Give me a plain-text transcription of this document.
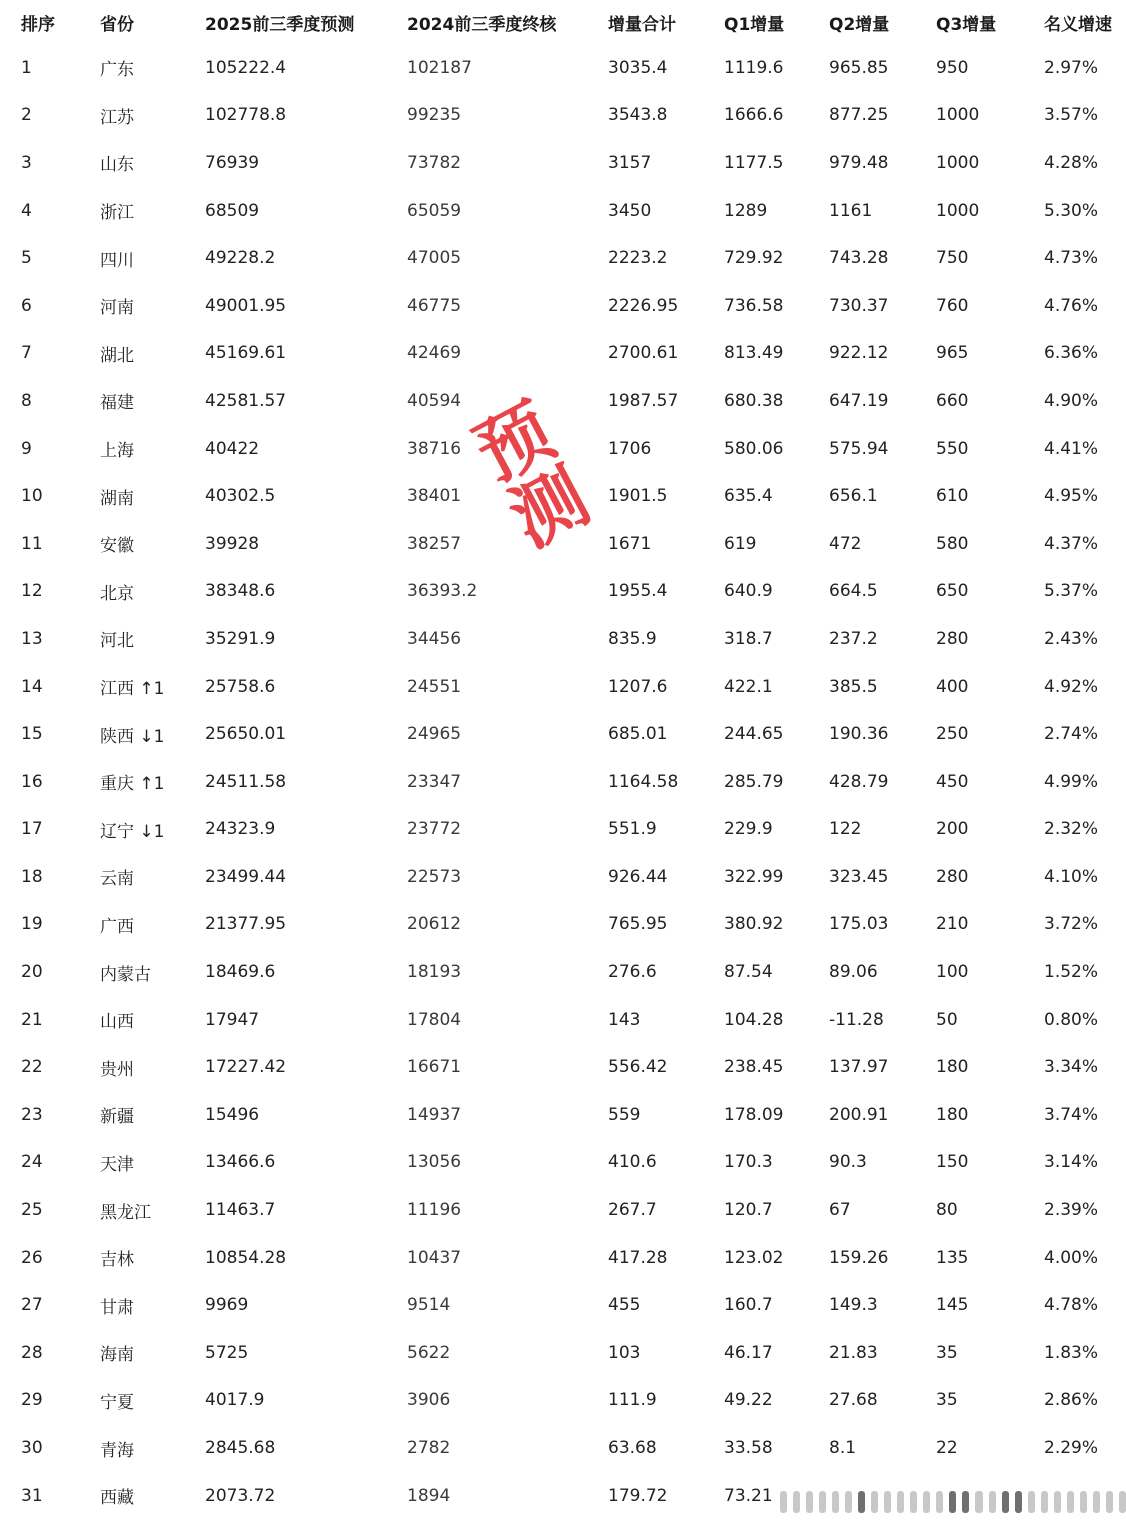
排序	省份	2025前三季度预测	2024前三季度终核	增量合计	Q1增量	Q2增量	Q3增量	名义增速
1	广东	105222.4	102187	3035.4	1119.6	965.85	950	2.97%
2	江苏	102778.8	99235	3543.8	1666.6	877.25	1000	3.57%
3	山东	76939	73782	3157	1177.5	979.48	1000	4.28%
4	浙江	68509	65059	3450	1289	1161	1000	5.30%
5	四川	49228.2	47005	2223.2	729.92	743.28	750	4.73%
6	河南	49001.95	46775	2226.95	736.58	730.37	760	4.76%
7	湖北	45169.61	42469	2700.61	813.49	922.12	965	6.36%
8	福建	42581.57	40594	1987.57	680.38	647.19	660	4.90%
9	上海	40422	38716	1706	580.06	575.94	550	4.41%
10	湖南	40302.5	38401	1901.5	635.4	656.1	610	4.95%
11	安徽	39928	38257	1671	619	472	580	4.37%
12	北京	38348.6	36393.2	1955.4	640.9	664.5	650	5.37%
13	河北	35291.9	34456	835.9	318.7	237.2	280	2.43%
14	江西 ↑1	25758.6	24551	1207.6	422.1	385.5	400	4.92%
15	陕西 ↓1	25650.01	24965	685.01	244.65	190.36	250	2.74%
16	重庆 ↑1	24511.58	23347	1164.58	285.79	428.79	450	4.99%
17	辽宁 ↓1	24323.9	23772	551.9	229.9	122	200	2.32%
18	云南	23499.44	22573	926.44	322.99	323.45	280	4.10%
19	广西	21377.95	20612	765.95	380.92	175.03	210	3.72%
20	内蒙古	18469.6	18193	276.6	87.54	89.06	100	1.52%
21	山西	17947	17804	143	104.28	-11.28	50	0.80%
22	贵州	17227.42	16671	556.42	238.45	137.97	180	3.34%
23	新疆	15496	14937	559	178.09	200.91	180	3.74%
24	天津	13466.6	13056	410.6	170.3	90.3	150	3.14%
25	黑龙江	11463.7	11196	267.7	120.7	67	80	2.39%
26	吉林	10854.28	10437	417.28	123.02	159.26	135	4.00%
27	甘肃	9969	9514	455	160.7	149.3	145	4.78%
28	海南	5725	5622	103	46.17	21.83	35	1.83%
29	宁夏	4017.9	3906	111.9	49.22	27.68	35	2.86%
30	青海	2845.68	2782	63.68	33.58	8.1	22	2.29%
31	西藏	2073.72	1894	179.72	73.21			
预测
